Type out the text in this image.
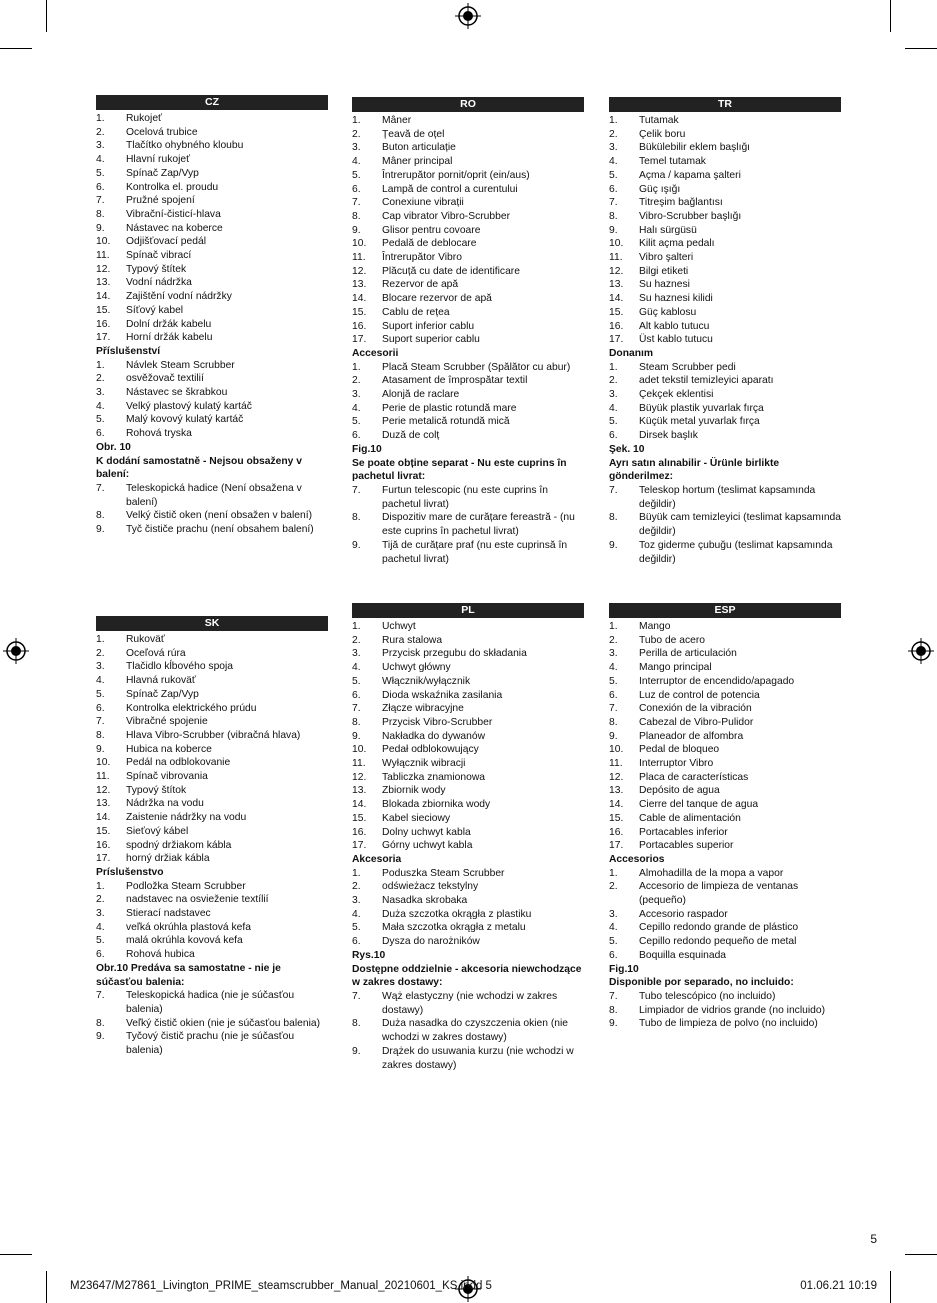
CZ
1.	Rukojeť
2.	Ocelová trubice
3.	Tlačítko ohybného kloubu
4.	Hlavní rukojeť
5.	Spínač Zap/Vyp
6.	Kontrolka el. proudu
7.	Pružné spojení
8.	Vibrační-čisticí-hlava
9.	Nástavec na koberce
10.	Odjišťovací pedál
11.	Spínač vibrací
12.	Typový štítek
13.	Vodní nádržka
14.	Zajištění vodní nádržky
15.	Síťový kabel
16.	Dolní držák kabelu
17.	Horní držák kabelu
Příslušenství
1.	Návlek Steam Scrubber
2.	osvěžovač textilií
3.	Nástavec se škrabkou
4.	Velký plastový kulatý kartáč
5.	Malý kovový kulatý kartáč
6.	Rohová tryska
Obr. 10
K dodání samostatně - Nejsou obsaženy v balení:
7.	Teleskopická hadice (Není obsažena v balení)
8.	Velký čistič oken (není obsažen v balení)
9.	Tyč čističe prachu (není obsahem balení)
RO
1.	Mâner
2.	Țeavă de oțel
3.	Buton articulație
4.	Mâner principal
5.	Întrerupător pornit/oprit (ein/aus)
6.	Lampă de control a curentului
7.	Conexiune vibrații
8.	Cap vibrator Vibro-Scrubber
9.	Glisor pentru covoare
10.	Pedală de deblocare
11.	Întrerupător Vibro
12.	Plăcuță cu date de identificare
13.	Rezervor de apă
14.	Blocare rezervor de apă
15.	Cablu de rețea
16.	Suport inferior cablu
17.	Suport superior cablu
Accesorii
1.	Placă Steam Scrubber (Spălător cu abur)
2.	Atasament de împrospătar textil
3.	Alonjă de raclare
4.	Perie de plastic rotundă mare
5.	Perie metalică rotundă mică
6.	Duză de colț
Fig.10
Se poate obține separat - Nu este cuprins în pachetul livrat:
7.	Furtun telescopic (nu este cuprins în pachetul livrat)
8.	Dispozitiv mare de curățare fereastră - (nu este cuprins în pachetul livrat)
9.	Tijă de curățare praf (nu este cuprinsă în pachetul livrat)
TR
1.	Tutamak
2.	Çelik boru
3.	Bükülebilir eklem başlığı
4.	Temel tutamak
5.	Açma / kapama şalteri
6.	Güç ışığı
7.	Titreşim bağlantısı
8.	Vibro-Scrubber başlığı
9.	Halı sürgüsü
10.	Kilit açma pedalı
11.	Vibro şalteri
12.	Bilgi etiketi
13.	Su haznesi
14.	Su haznesi kilidi
15.	Güç kablosu
16.	Alt kablo tutucu
17.	Üst kablo tutucu
Donanım
1.	Steam Scrubber pedi
2.	adet tekstil temizleyici aparatı
3.	Çekçek eklentisi
4.	Büyük plastik yuvarlak fırça
5.	Küçük metal yuvarlak fırça
6.	Dirsek başlık
Şek. 10
Ayrı satın alınabilir - Ürünle birlikte gönderilmez:
7.	Teleskop hortum (teslimat kapsamında değildir)
8.	Büyük cam temizleyici (teslimat kapsamında değildir)
9.	Toz giderme çubuğu (teslimat kapsamında değildir)
SK
1.	Rukoväť
2.	Oceľová rúra
3.	Tlačidlo kĺbového spoja
4.	Hlavná rukoväť
5.	Spínač Zap/Vyp
6.	Kontrolka elektrického prúdu
7.	Vibračné spojenie
8.	Hlava Vibro-Scrubber (vibračná hlava)
9.	Hubica na koberce
10.	Pedál na odblokovanie
11.	Spínač vibrovania
12.	Typový štítok
13.	Nádržka na vodu
14.	Zaistenie nádržky na vodu
15.	Sieťový kábel
16.	spodný držiakom kábla
17.	horný držiak kábla
Príslušenstvo
1.	Podložka Steam Scrubber
2.	nadstavec na osvieženie textílií
3.	Stierací nadstavec
4.	veľká okrúhla plastová kefa
5.	malá okrúhla kovová kefa
6.	Rohová hubica
Obr.10 Predáva sa samostatne - nie je súčasťou balenia:
7.	Teleskopická hadica (nie je súčasťou balenia)
8.	Veľký čistič okien (nie je súčasťou balenia)
9.	Tyčový čistič prachu (nie je súčasťou balenia)
PL
1.	Uchwyt
2.	Rura stalowa
3.	Przycisk przegubu do składania
4.	Uchwyt główny
5.	Włącznik/wyłącznik
6.	Dioda wskaźnika zasilania
7.	Złącze wibracyjne
8.	Przycisk Vibro-Scrubber
9.	Nakładka do dywanów
10.	Pedał odblokowujący
11.	Wyłącznik wibracji
12.	Tabliczka znamionowa
13.	Zbiornik wody
14.	Blokada zbiornika wody
15.	Kabel sieciowy
16.	Dolny uchwyt kabla
17.	Górny uchwyt kabla
Akcesoria
1.	Poduszka Steam Scrubber
2.	odświeżacz tekstylny
3.	Nasadka skrobaka
4.	Duża szczotka okrągła z plastiku
5.	Mała szczotka okrągła z metalu
6.	Dysza do narożników
Rys.10
Dostępne oddzielnie - akcesoria niewchodzące w zakres dostawy:
7.	Wąż elastyczny (nie wchodzi w zakres dostawy)
8.	Duża nasadka do czyszczenia okien (nie wchodzi w zakres dostawy)
9.	Drążek do usuwania kurzu (nie wchodzi w zakres dostawy)
ESP
1.	Mango
2.	Tubo de acero
3.	Perilla de articulación
4.	Mango principal
5.	Interruptor de encendido/apagado
6.	Luz de control de potencia
7.	Conexión de la vibración
8.	Cabezal de Vibro-Pulidor
9.	Planeador de alfombra
10.	Pedal de bloqueo
11.	Interruptor Vibro
12.	Placa de características
13.	Depósito de agua
14.	Cierre del tanque de agua
15.	Cable de alimentación
16.	Portacables inferior
17.	Portacables superior
Accesorios
1.	Almohadilla de la mopa a vapor
2.	Accesorio de limpieza de ventanas (pequeño)
3.	Accesorio raspador
4.	Cepillo redondo grande de plástico
5.	Cepillo redondo pequeño de metal
6.	Boquilla esquinada
Fig.10
Disponible por separado, no incluido:
7.	Tubo telescópico (no incluido)
8.	Limpiador de vidrios grande (no incluido)
9.	Tubo de limpieza de polvo (no incluido)
5
M23647/M27861_Livington_PRIME_steamscrubber_Manual_20210601_KS.indd 5	01.06.21 10:19
